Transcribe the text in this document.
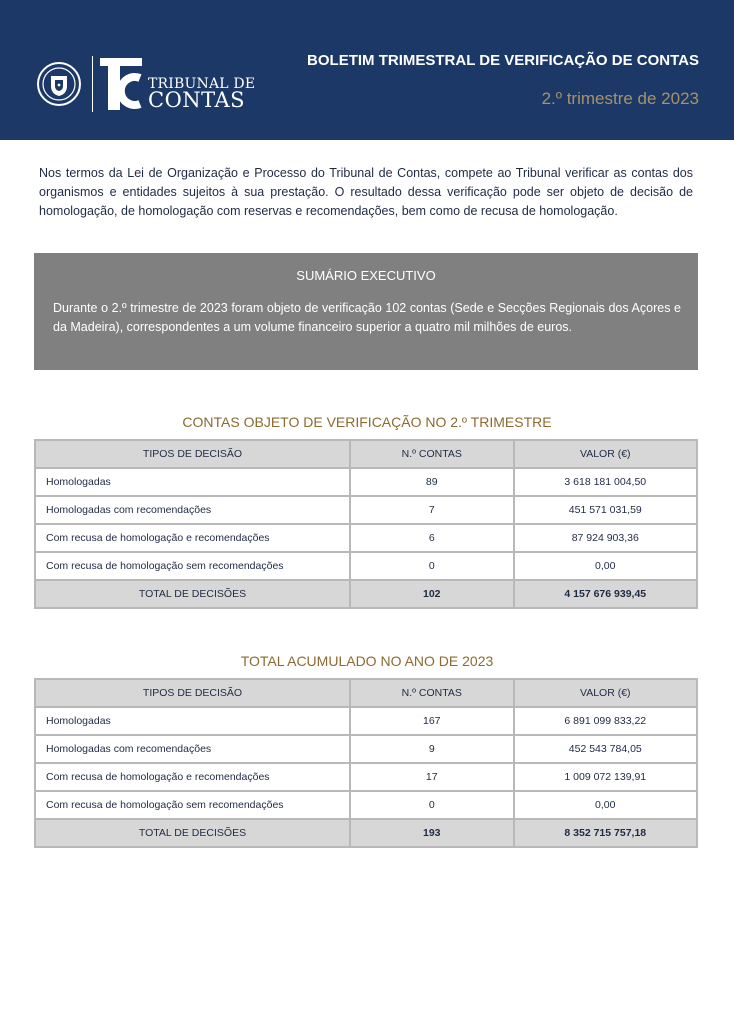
TRIBUNAL DE
CONTAS
BOLETIM TRIMESTRAL DE VERIFICAÇÃO DE CONTAS
2.º trimestre de 2023

Nos termos da Lei de Organização e Processo do Tribunal de Contas, compete ao Tribunal verificar as contas dos organismos e entidades sujeitos à sua prestação. O resultado dessa verificação pode ser objeto de decisão de homologação, de homologação com reservas e recomendações, bem como de recusa de homologação.

SUMÁRIO EXECUTIVO

Durante o 2.º trimestre de 2023 foram objeto de verificação 102 contas (Sede e Secções Regionais dos Açores e da Madeira), correspondentes a um volume financeiro superior a quatro mil milhões de euros.

CONTAS OBJETO DE VERIFICAÇÃO NO 2.º TRIMESTRE
TIPOS DE DECISÃO	N.º CONTAS	VALOR (€)
Homologadas	89	3 618 181 004,50
Homologadas com recomendações	7	451 571 031,59
Com recusa de homologação e recomendações	6	87 924 903,36
Com recusa de homologação sem recomendações	0	0,00
TOTAL DE DECISÕES	102	4 157 676 939,45
TOTAL ACUMULADO NO ANO DE 2023
TIPOS DE DECISÃO	N.º CONTAS	VALOR (€)
Homologadas	167	6 891 099 833,22
Homologadas com recomendações	9	452 543 784,05
Com recusa de homologação e recomendações	17	1 009 072 139,91
Com recusa de homologação sem recomendações	0	0,00
TOTAL DE DECISÕES	193	8 352 715 757,18
